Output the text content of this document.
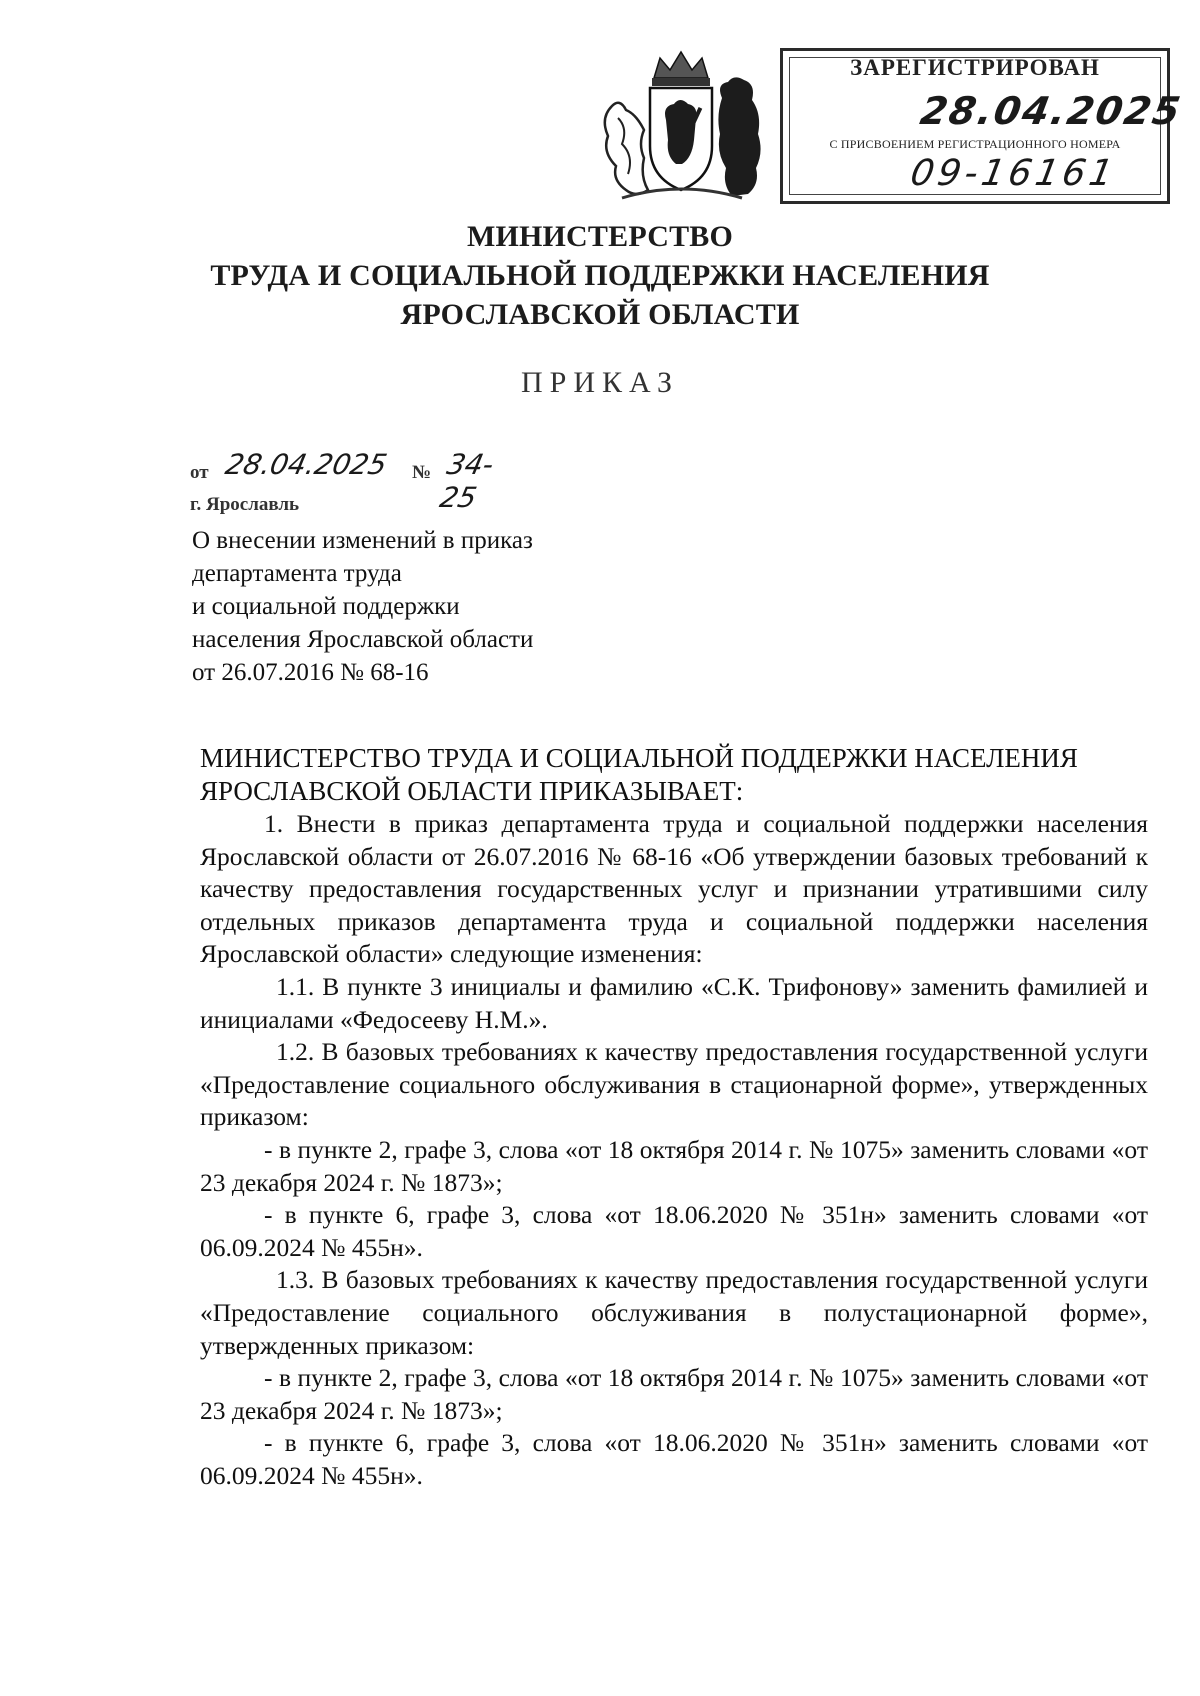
ЗАРЕГИСТРИРОВАН
28.04.2025
С ПРИСВОЕНИЕМ РЕГИСТРАЦИОННОГО НОМЕРА
09-16161
МИНИСТЕРСТВО
ТРУДА И СОЦИАЛЬНОЙ ПОДДЕРЖКИ НАСЕЛЕНИЯ
ЯРОСЛАВСКОЙ ОБЛАСТИ
ПРИКАЗ
от 28.04.2025 № 34-25
г. Ярославль
О внесении изменений в приказ
департамента труда
и социальной поддержки
населения Ярославской области
от 26.07.2016 № 68-16

МИНИСТЕРСТВО ТРУДА И СОЦИАЛЬНОЙ ПОДДЕРЖКИ НАСЕЛЕНИЯ ЯРОСЛАВСКОЙ ОБЛАСТИ ПРИКАЗЫВАЕТ:

1. Внести в приказ департамента труда и социальной поддержки населения Ярославской области от 26.07.2016 № 68-16 «Об утверждении базовых требований к качеству предоставления государственных услуг и признании утратившими силу отдельных приказов департамента труда и социальной поддержки населения Ярославской области» следующие изменения:

1.1. В пункте 3 инициалы и фамилию «С.К. Трифонову» заменить фамилией и инициалами «Федосееву Н.М.».

1.2. В базовых требованиях к качеству предоставления государственной услуги «Предоставление социального обслуживания в стационарной форме», утвержденных приказом:

- в пункте 2, графе 3, слова «от 18 октября 2014 г. № 1075» заменить словами «от 23 декабря 2024 г. № 1873»;

- в пункте 6, графе 3, слова «от 18.06.2020 № 351н» заменить словами «от 06.09.2024 № 455н».

1.3. В базовых требованиях к качеству предоставления государственной услуги «Предоставление социального обслуживания в полустационарной форме», утвержденных приказом:

- в пункте 2, графе 3, слова «от 18 октября 2014 г. № 1075» заменить словами «от 23 декабря 2024 г. № 1873»;

- в пункте 6, графе 3, слова «от 18.06.2020 № 351н» заменить словами «от 06.09.2024 № 455н».
